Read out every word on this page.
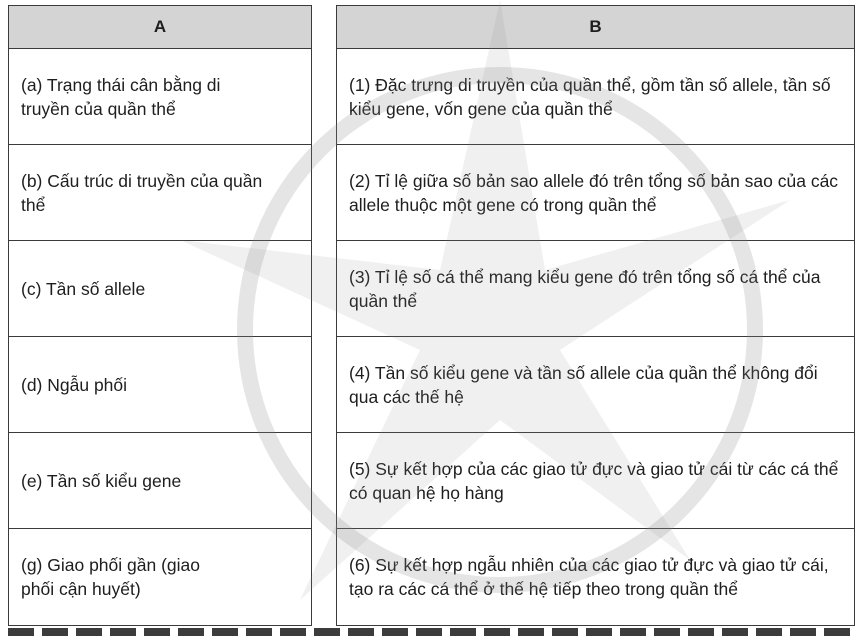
A
(a) Trạng thái cân bằng di truyền của quần thể
(b) Cấu trúc di truyền của quần thể
(c) Tần số allele
(d) Ngẫu phối
(e) Tần số kiểu gene
(g) Giao phối gần (giao phối cận huyết)
B
(1) Đặc trưng di truyền của quần thể, gồm tần số allele, tần số kiểu gene, vốn gene của quần thể
(2) Tỉ lệ giữa số bản sao allele đó trên tổng số bản sao của các allele thuộc một gene có trong quần thể
(3) Tỉ lệ số cá thể mang kiểu gene đó trên tổng số cá thể của quần thể
(4) Tần số kiểu gene và tần số allele của quần thể không đổi qua các thế hệ
(5) Sự kết hợp của các giao tử đực và giao tử cái từ các cá thể có quan hệ họ hàng
(6) Sự kết hợp ngẫu nhiên của các giao tử đực và giao tử cái, tạo ra các cá thể ở thế hệ tiếp theo trong quần thể
